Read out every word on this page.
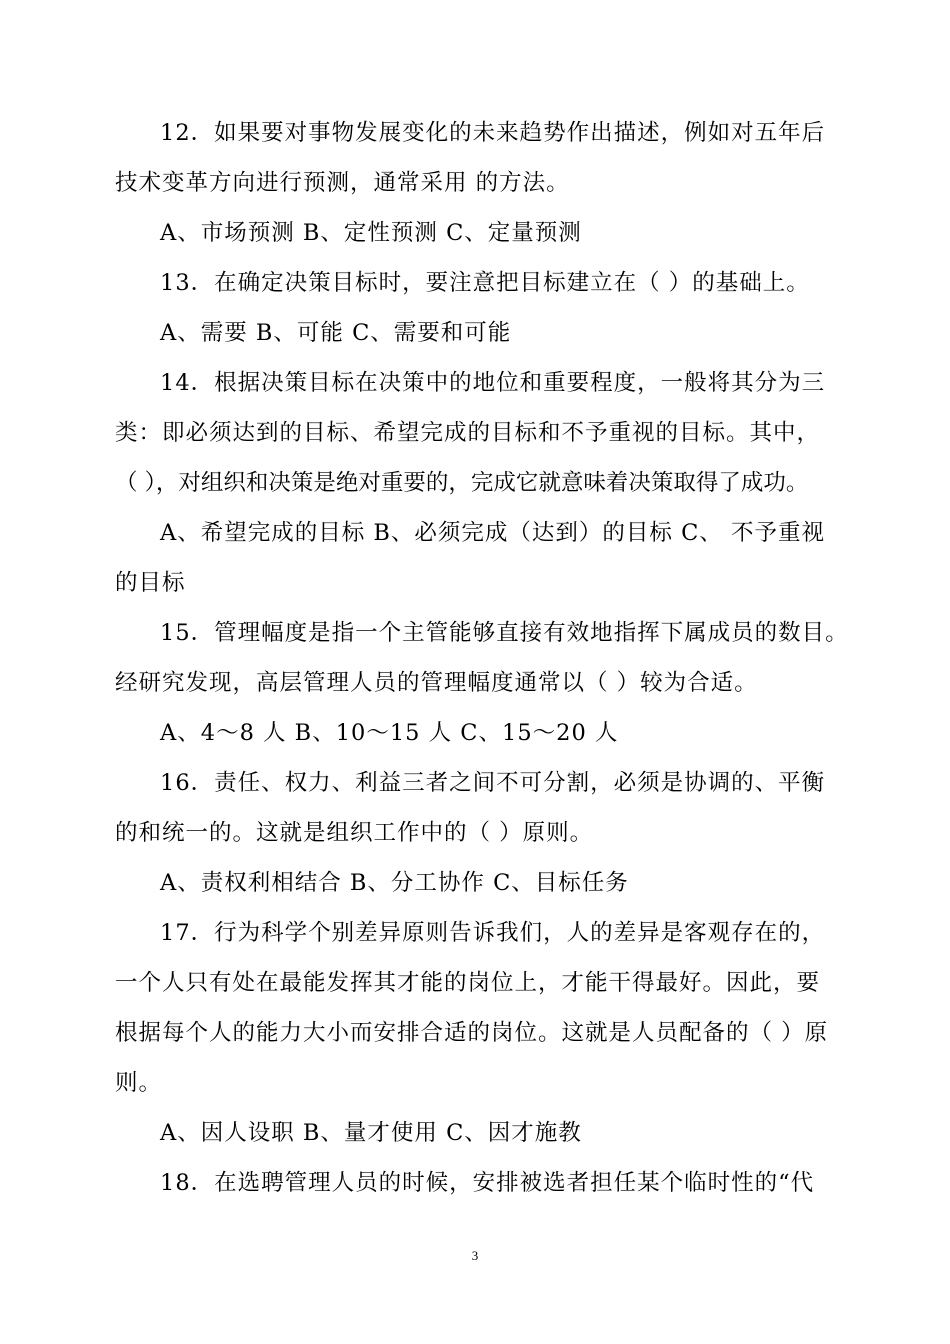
12．如果要对事物发展变化的未来趋势作出描述，例如对五年后
技术变革方向进行预测，通常采用 的方法。
A、市场预测 B、定性预测 C、定量预测
13．在确定决策目标时，要注意把目标建立在（ ）的基础上。
A、需要 B、可能 C、需要和可能
14．根据决策目标在决策中的地位和重要程度，一般将其分为三
类：即必须达到的目标、希望完成的目标和不予重视的目标。其中，
（ ），对组织和决策是绝对重要的，完成它就意味着决策取得了成功。
A、希望完成的目标 B、必须完成（达到）的目标 C、 不予重视
的目标
15．管理幅度是指一个主管能够直接有效地指挥下属成员的数目。
经研究发现，高层管理人员的管理幅度通常以（ ）较为合适。
A、4～8 人 B、10～15 人 C、15～20 人
16．责任、权力、利益三者之间不可分割，必须是协调的、平衡
的和统一的。这就是组织工作中的（ ）原则。
A、责权利相结合 B、分工协作 C、目标任务
17．行为科学个别差异原则告诉我们，人的差异是客观存在的，
一个人只有处在最能发挥其才能的岗位上，才能干得最好。因此，要
根据每个人的能力大小而安排合适的岗位。这就是人员配备的（ ）原
则。
A、因人设职 B、量才使用 C、因才施教
18．在选聘管理人员的时候，安排被选者担任某个临时性的“代
3
